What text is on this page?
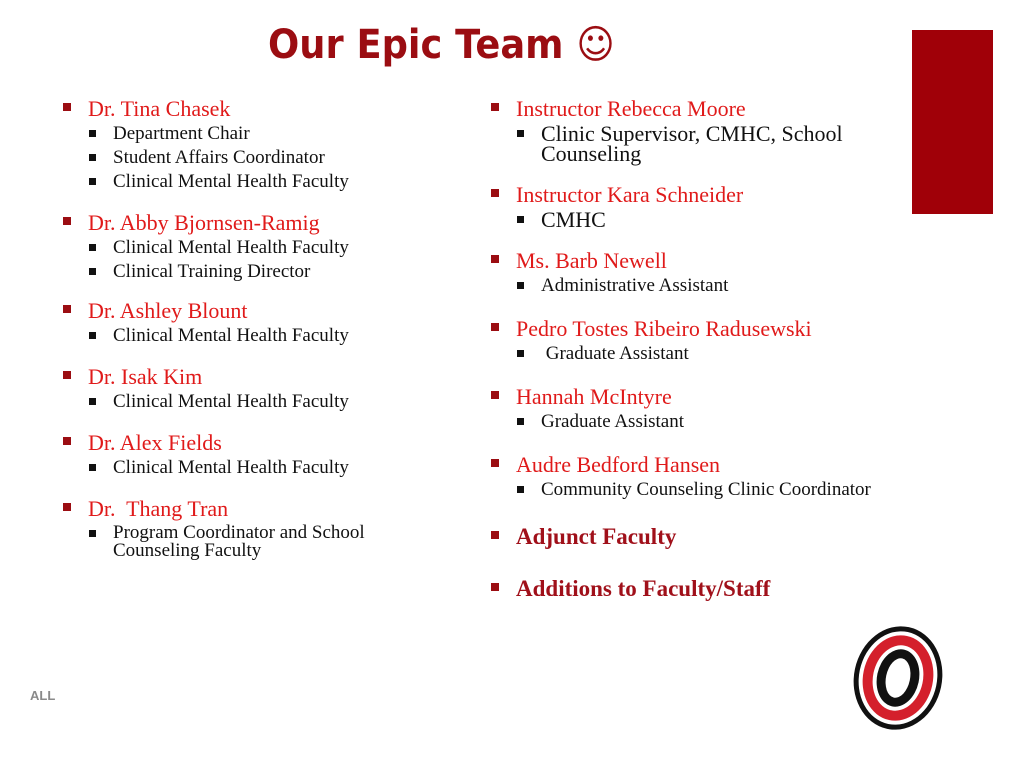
Our Epic Team ☺
Dr. Tina Chasek
Department Chair
Student Affairs Coordinator
Clinical Mental Health Faculty
Dr. Abby Bjornsen-Ramig
Clinical Mental Health Faculty
Clinical Training Director
Dr. Ashley Blount
Clinical Mental Health Faculty
Dr. Isak Kim
Clinical Mental Health Faculty
Dr. Alex Fields
Clinical Mental Health Faculty
Dr.  Thang Tran
Program Coordinator and School Counseling Faculty
Instructor Rebecca Moore
Clinic Supervisor, CMHC, School Counseling
Instructor Kara Schneider
CMHC
Ms. Barb Newell
Administrative Assistant
Pedro Tostes Ribeiro Radusewski
Graduate Assistant
Hannah McIntyre
Graduate Assistant
Audre Bedford Hansen
Community Counseling Clinic Coordinator
Adjunct Faculty
Additions to Faculty/Staff
ALL
